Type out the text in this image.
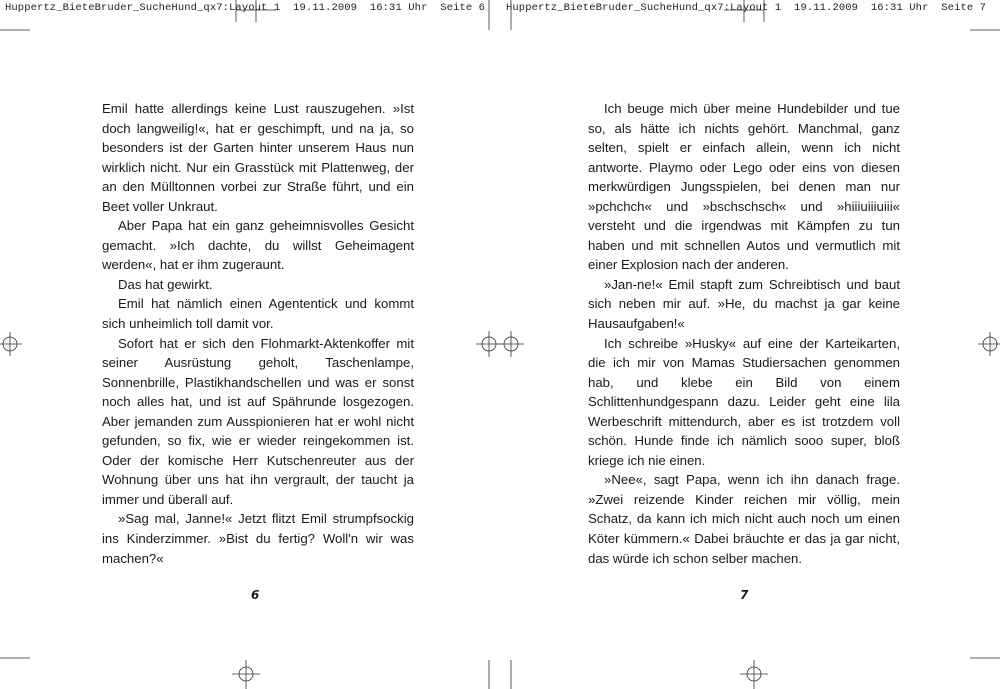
Huppertz_BieteBruder_SucheHund_qx7:Layout 1  19.11.2009  16:31 Uhr  Seite 6

Emil hatte allerdings keine Lust rauszugehen. »Ist doch langweilig!«, hat er geschimpft, und na ja, so besonders ist der Garten hinter unserem Haus nun wirklich nicht. Nur ein Grasstück mit Plattenweg, der an den Mülltonnen vorbei zur Straße führt, und ein Beet voller Unkraut.

Aber Papa hat ein ganz geheimnisvolles Gesicht gemacht. »Ich dachte, du willst Geheimagent werden«, hat er ihm zugeraunt.

Das hat gewirkt.

Emil hat nämlich einen Agententick und kommt sich unheimlich toll damit vor.

Sofort hat er sich den Flohmarkt-Aktenkoffer mit seiner Ausrüstung geholt, Taschenlampe, Sonnenbrille, Plastikhandschellen und was er sonst noch alles hat, und ist auf Spährunde losgezogen. Aber jemanden zum Ausspionieren hat er wohl nicht gefunden, so fix, wie er wieder reingekommen ist. Oder der komische Herr Kutschenreuter aus der Wohnung über uns hat ihn vergrault, der taucht ja immer und überall auf.

»Sag mal, Janne!« Jetzt flitzt Emil strumpfsockig ins Kinderzimmer. »Bist du fertig? Woll'n wir was machen?«

6
Huppertz_BieteBruder_SucheHund_qx7:Layout 1  19.11.2009  16:31 Uhr  Seite 7

Ich beuge mich über meine Hundebilder und tue so, als hätte ich nichts gehört. Manchmal, ganz selten, spielt er einfach allein, wenn ich nicht antworte. Playmo oder Lego oder eins von diesen merkwürdigen Jungsspielen, bei denen man nur »pchchch« und »bschschsch« und »hiiiuiiiuiii« versteht und die irgendwas mit Kämpfen zu tun haben und mit schnellen Autos und vermutlich mit einer Explosion nach der anderen.

»Jan-ne!« Emil stapft zum Schreibtisch und baut sich neben mir auf. »He, du machst ja gar keine Hausaufgaben!«

Ich schreibe »Husky« auf eine der Karteikarten, die ich mir von Mamas Studiersachen genommen hab, und klebe ein Bild von einem Schlittenhundgespann dazu. Leider geht eine lila Werbeschrift mittendurch, aber es ist trotzdem voll schön. Hunde finde ich nämlich sooo super, bloß kriege ich nie einen.

»Nee«, sagt Papa, wenn ich ihn danach frage. »Zwei reizende Kinder reichen mir völlig, mein Schatz, da kann ich mich nicht auch noch um einen Köter kümmern.« Dabei bräuchte er das ja gar nicht, das würde ich schon selber machen.

7
